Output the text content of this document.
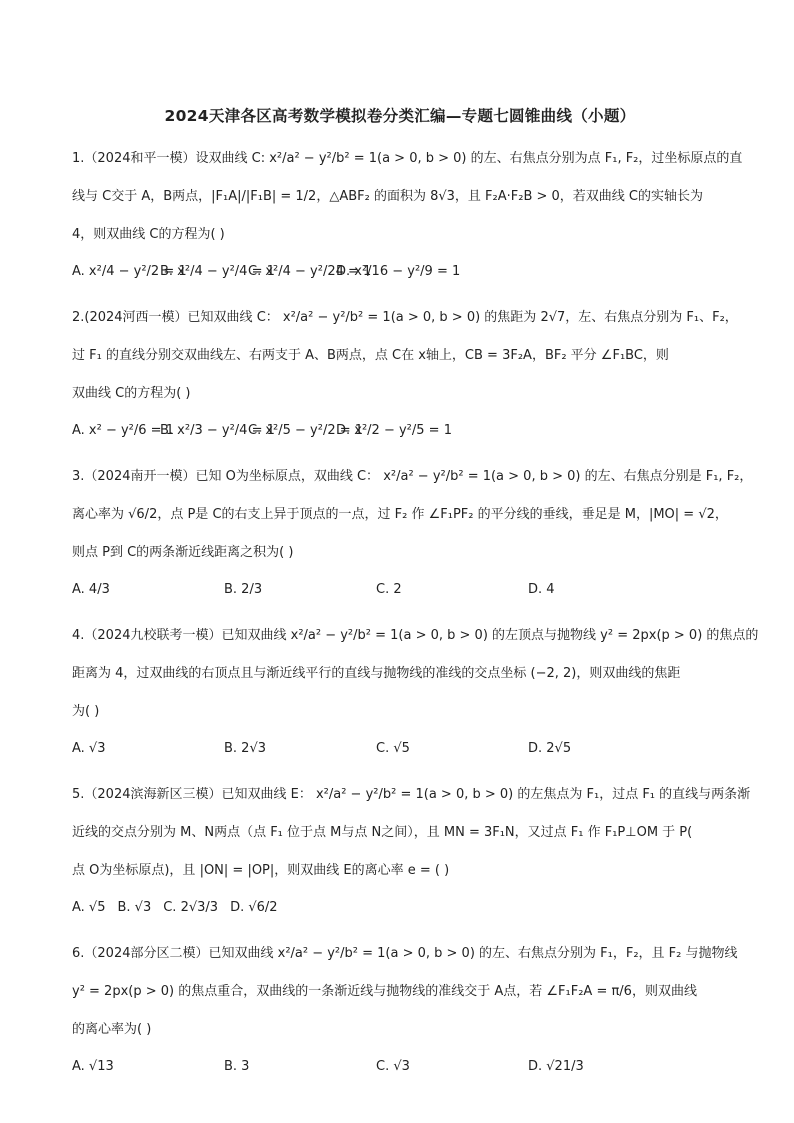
2024天津各区高考数学模拟卷分类汇编—专题七圆锥曲线（小题）
1.（2024和平一模）设双曲线 C: x²/a² − y²/b² = 1(a > 0, b > 0) 的左、右焦点分别为点 F₁, F₂，过坐标原点的直
线与 C交于 A，B两点，|F₁A|/|F₁B| = 1/2，△ABF₂ 的面积为 8√3，且 F₂A·F₂B > 0，若双曲线 C的实轴长为
4，则双曲线 C的方程为( )
A. x²/4 − y²/2 = 1
B. x²/4 − y²/4 = 1
C. x²/4 − y²/24 = 1
D. x²/16 − y²/9 = 1
2.(2024河西一模）已知双曲线 C： x²/a² − y²/b² = 1(a > 0, b > 0) 的焦距为 2√7，左、右焦点分别为 F₁、F₂，
过 F₁ 的直线分别交双曲线左、右两支于 A、B两点，点 C在 x轴上，CB = 3F₂A，BF₂ 平分 ∠F₁BC，则
双曲线 C的方程为( )
A. x² − y²/6 = 1
B. x²/3 − y²/4 = 1
C. x²/5 − y²/2 = 1
D. x²/2 − y²/5 = 1
3.（2024南开一模）已知 O为坐标原点，双曲线 C： x²/a² − y²/b² = 1(a > 0, b > 0) 的左、右焦点分别是 F₁, F₂，
离心率为 √6/2，点 P是 C的右支上异于顶点的一点，过 F₂ 作 ∠F₁PF₂ 的平分线的垂线，垂足是 M，|MO| = √2，
则点 P到 C的两条渐近线距离之积为( )
A. 4/3	B. 2/3	C. 2	D. 4
4.（2024九校联考一模）已知双曲线 x²/a² − y²/b² = 1(a > 0, b > 0) 的左顶点与抛物线 y² = 2px(p > 0) 的焦点的
距离为 4，过双曲线的右顶点且与渐近线平行的直线与抛物线的准线的交点坐标 (−2, 2)，则双曲线的焦距
为( )
A. √3	B. 2√3	C. √5	D. 2√5
5.（2024滨海新区三模）已知双曲线 E： x²/a² − y²/b² = 1(a > 0, b > 0) 的左焦点为 F₁，过点 F₁ 的直线与两条渐
近线的交点分别为 M、N两点（点 F₁ 位于点 M与点 N之间），且 MN = 3F₁N，又过点 F₁ 作 F₁P⊥OM 于 P(
点 O为坐标原点)，且 |ON| = |OP|，则双曲线 E的离心率 e = ( )
A. √5 B. √3 C. 2√3/3 D. √6/2
6.（2024部分区二模）已知双曲线 x²/a² − y²/b² = 1(a > 0, b > 0) 的左、右焦点分别为 F₁，F₂，且 F₂ 与抛物线
y² = 2px(p > 0) 的焦点重合，双曲线的一条渐近线与抛物线的准线交于 A点，若 ∠F₁F₂A = π/6，则双曲线
的离心率为( )
A. √13	B. 3	C. √3	D. √21/3
